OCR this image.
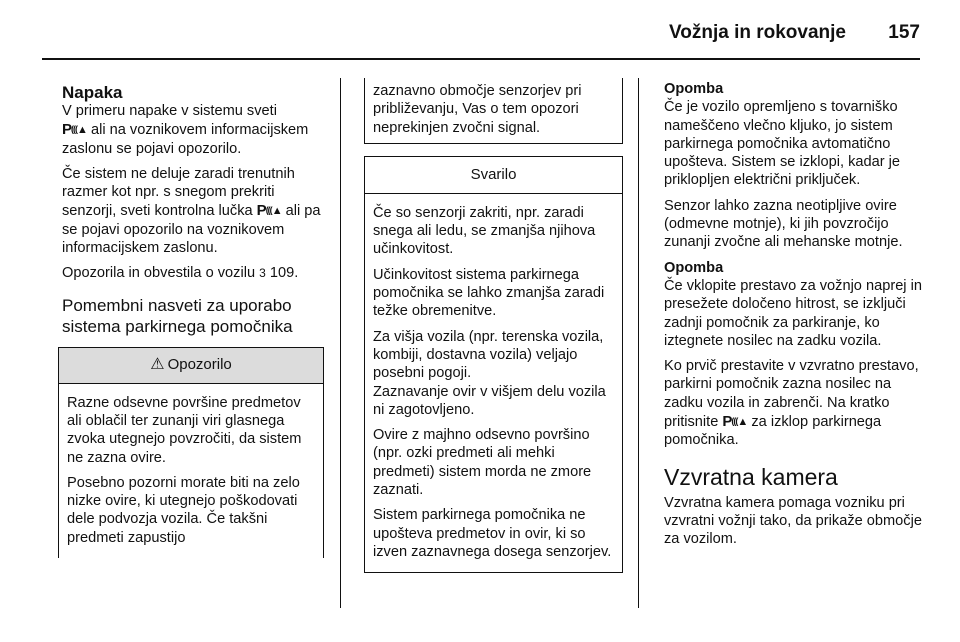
Vožnja in rokovanje 157
Napaka

V primeru napake v sistemu sveti
P(((▲ ali na voznikovem informacijskem zaslonu se pojavi opozorilo.

Če sistem ne deluje zaradi trenutnih razmer kot npr. s snegom prekriti senzorji, sveti kontrolna lučka P(((▲ ali pa se pojavi opozorilo na voznikovem informacijskem zaslonu.

Opozorila in obvestila o vozilu 3 109.

Pomembni nasveti za uporabo sistema parkirnega pomočnika
⚠ Opozorilo

Razne odsevne površine predmetov ali oblačil ter zunanji viri glasnega zvoka utegnejo povzročiti, da sistem ne zazna ovire.

Posebno pozorni morate biti na zelo nizke ovire, ki utegnejo poškodovati dele podvozja vozila. Če takšni predmeti zapustijo

zaznavno območje senzorjev pri približevanju, Vas o tem opozori neprekinjen zvočni signal.

Svarilo

Če so senzorji zakriti, npr. zaradi snega ali ledu, se zmanjša njihova učinkovitost.

Učinkovitost sistema parkirnega pomočnika se lahko zmanjša zaradi težke obremenitve.

Za višja vozila (npr. terenska vozila, kombiji, dostavna vozila) veljajo posebni pogoji.
Zaznavanje ovir v višjem delu vozila ni zagotovljeno.

Ovire z majhno odsevno površino (npr. ozki predmeti ali mehki predmeti) sistem morda ne zmore zaznati.

Sistem parkirnega pomočnika ne upošteva predmetov in ovir, ki so izven zaznavnega dosega senzorjev.

Opomba
Če je vozilo opremljeno s tovarniško nameščeno vlečno kljuko, jo sistem parkirnega pomočnika avtomatično upošteva. Sistem se izklopi, kadar je priklopljen električni priključek.

Senzor lahko zazna neotipljive ovire (odmevne motnje), ki jih povzročijo zunanji zvočne ali mehanske motnje.

Opomba
Če vklopite prestavo za vožnjo naprej in presežete določeno hitrost, se izključi zadnji pomočnik za parkiranje, ko iztegnete nosilec na zadku vozila.

Ko prvič prestavite v vzvratno prestavo, parkirni pomočnik zazna nosilec na zadku vozila in zabrenči. Na kratko pritisnite P(((▲ za izklop parkirnega pomočnika.

Vzvratna kamera

Vzvratna kamera pomaga vozniku pri vzvratni vožnji tako, da prikaže območje za vozilom.
